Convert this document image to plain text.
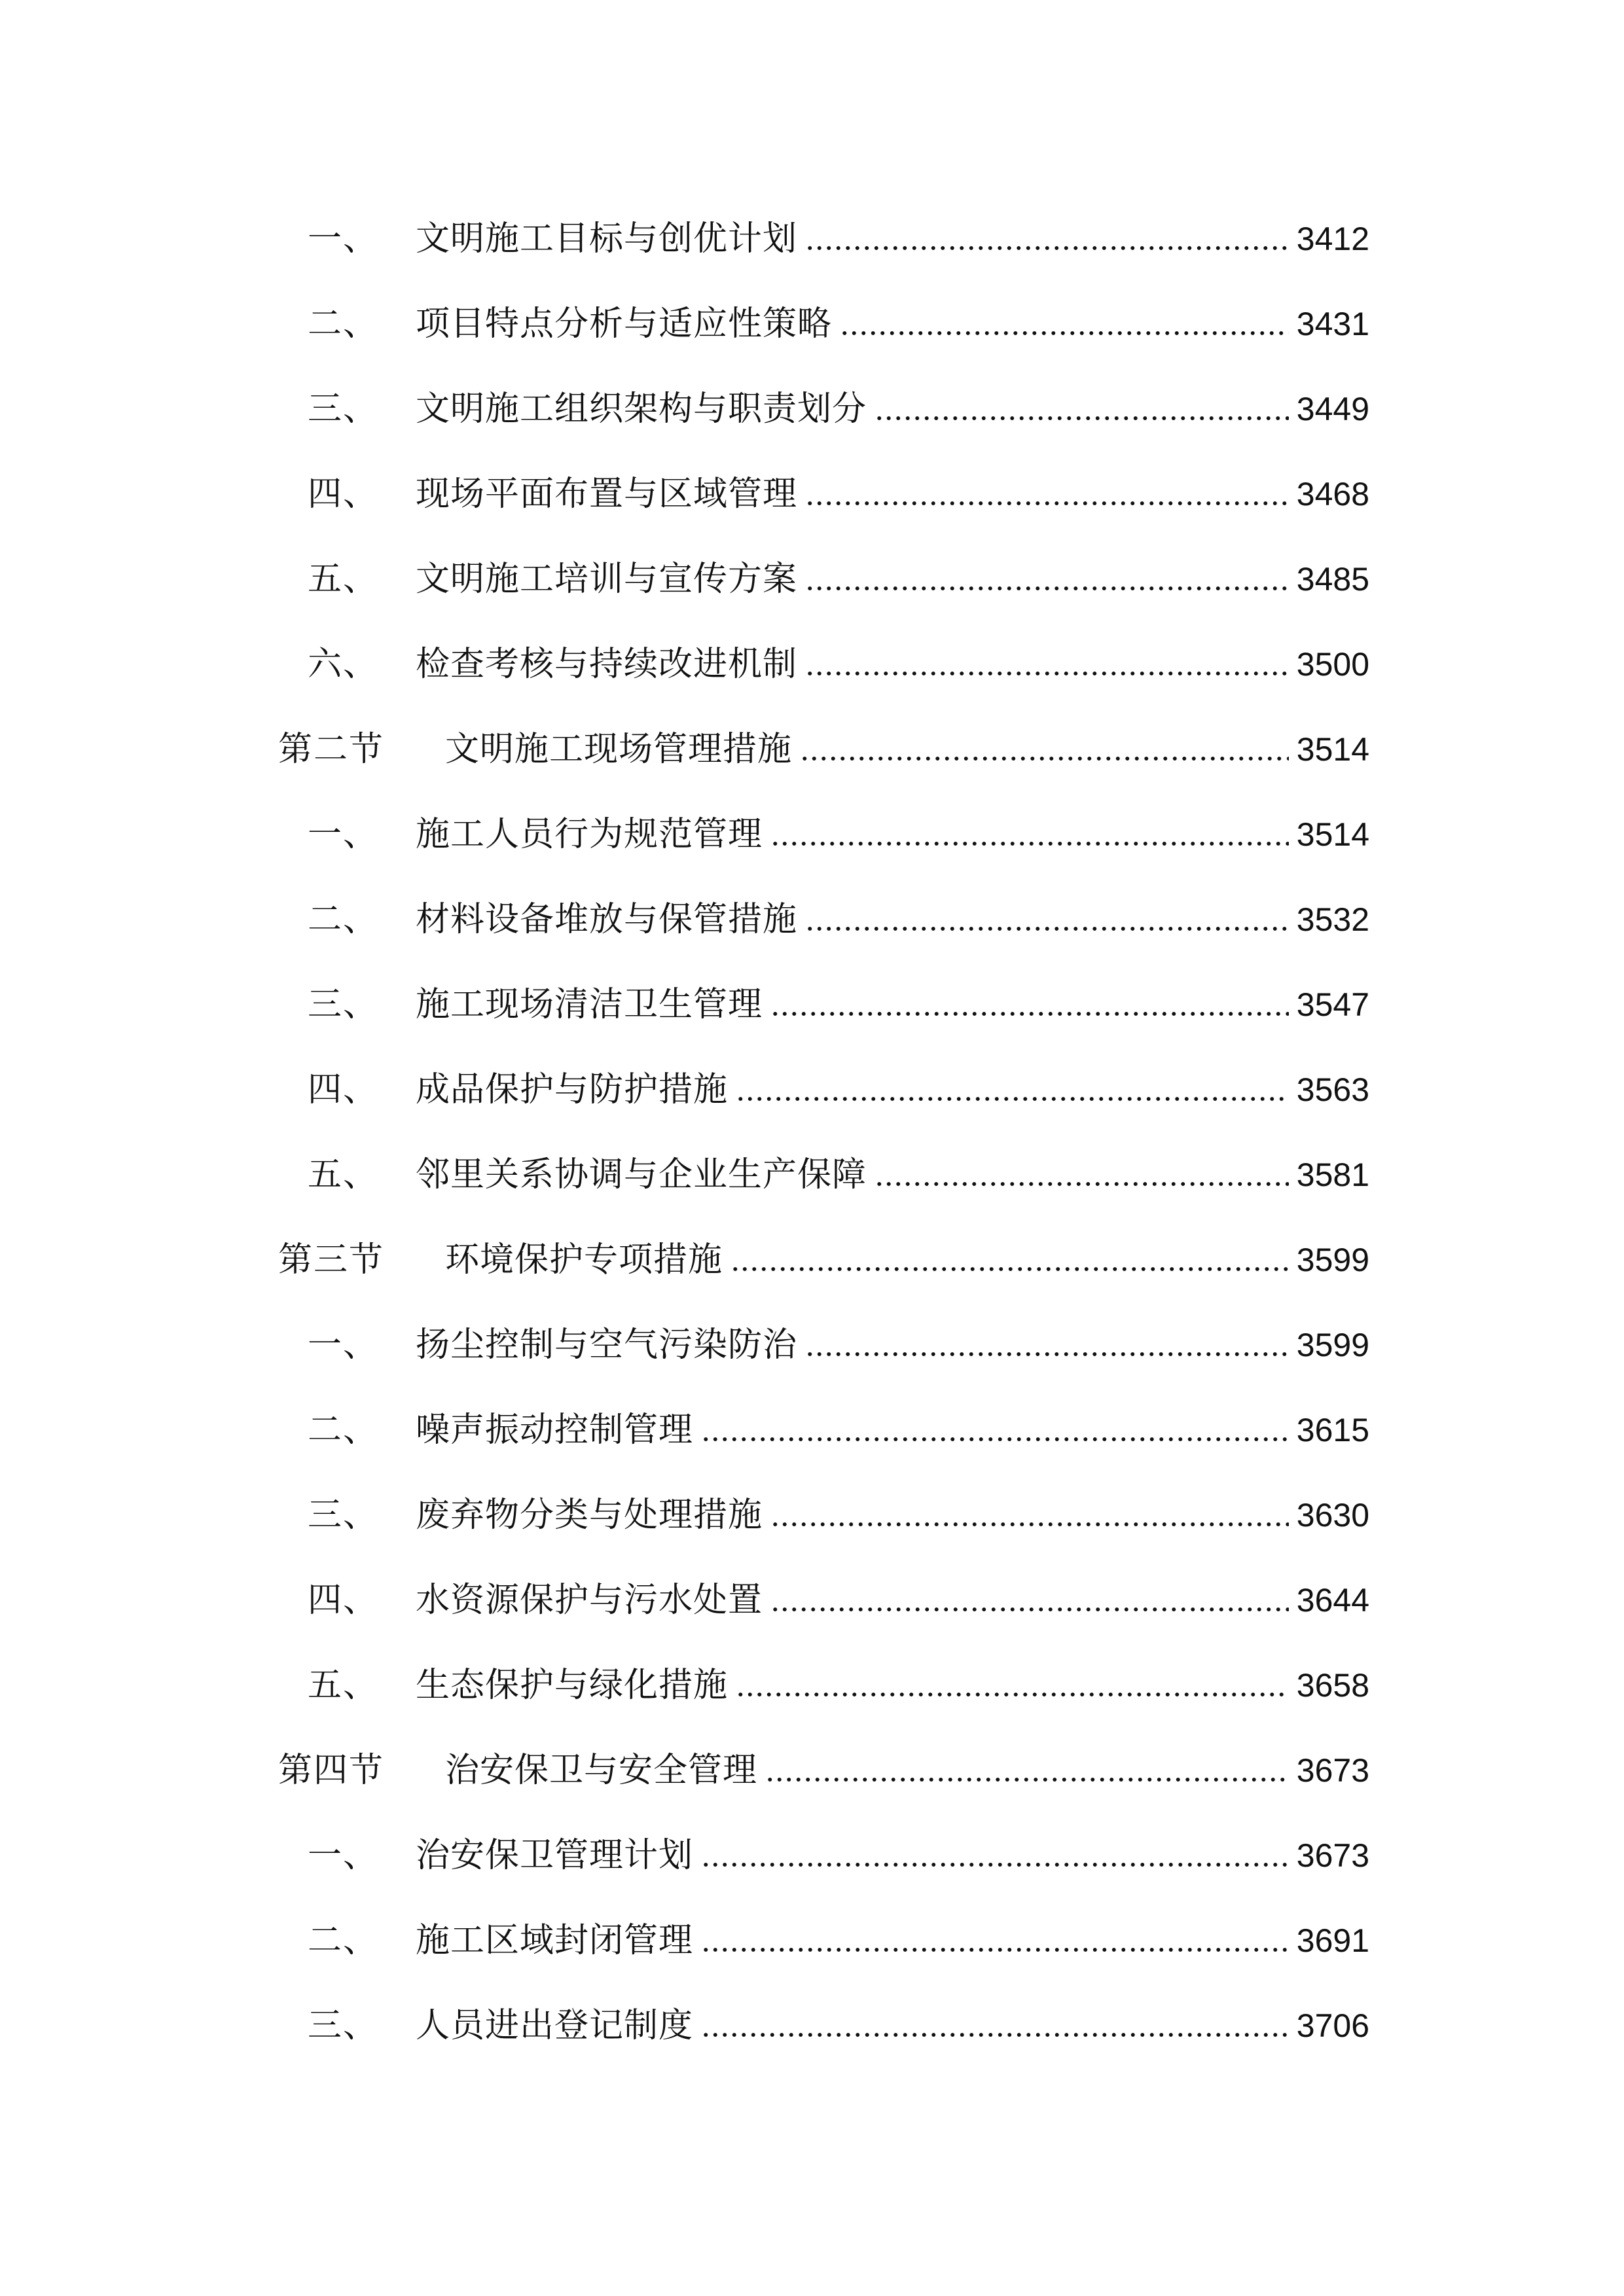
一、	文明施工目标与创优计划	3412
二、	项目特点分析与适应性策略	3431
三、	文明施工组织架构与职责划分	3449
四、	现场平面布置与区域管理	3468
五、	文明施工培训与宣传方案	3485
六、	检查考核与持续改进机制	3500
第二节	文明施工现场管理措施	3514
一、	施工人员行为规范管理	3514
二、	材料设备堆放与保管措施	3532
三、	施工现场清洁卫生管理	3547
四、	成品保护与防护措施	3563
五、	邻里关系协调与企业生产保障	3581
第三节	环境保护专项措施	3599
一、	扬尘控制与空气污染防治	3599
二、	噪声振动控制管理	3615
三、	废弃物分类与处理措施	3630
四、	水资源保护与污水处置	3644
五、	生态保护与绿化措施	3658
第四节	治安保卫与安全管理	3673
一、	治安保卫管理计划	3673
二、	施工区域封闭管理	3691
三、	人员进出登记制度	3706
